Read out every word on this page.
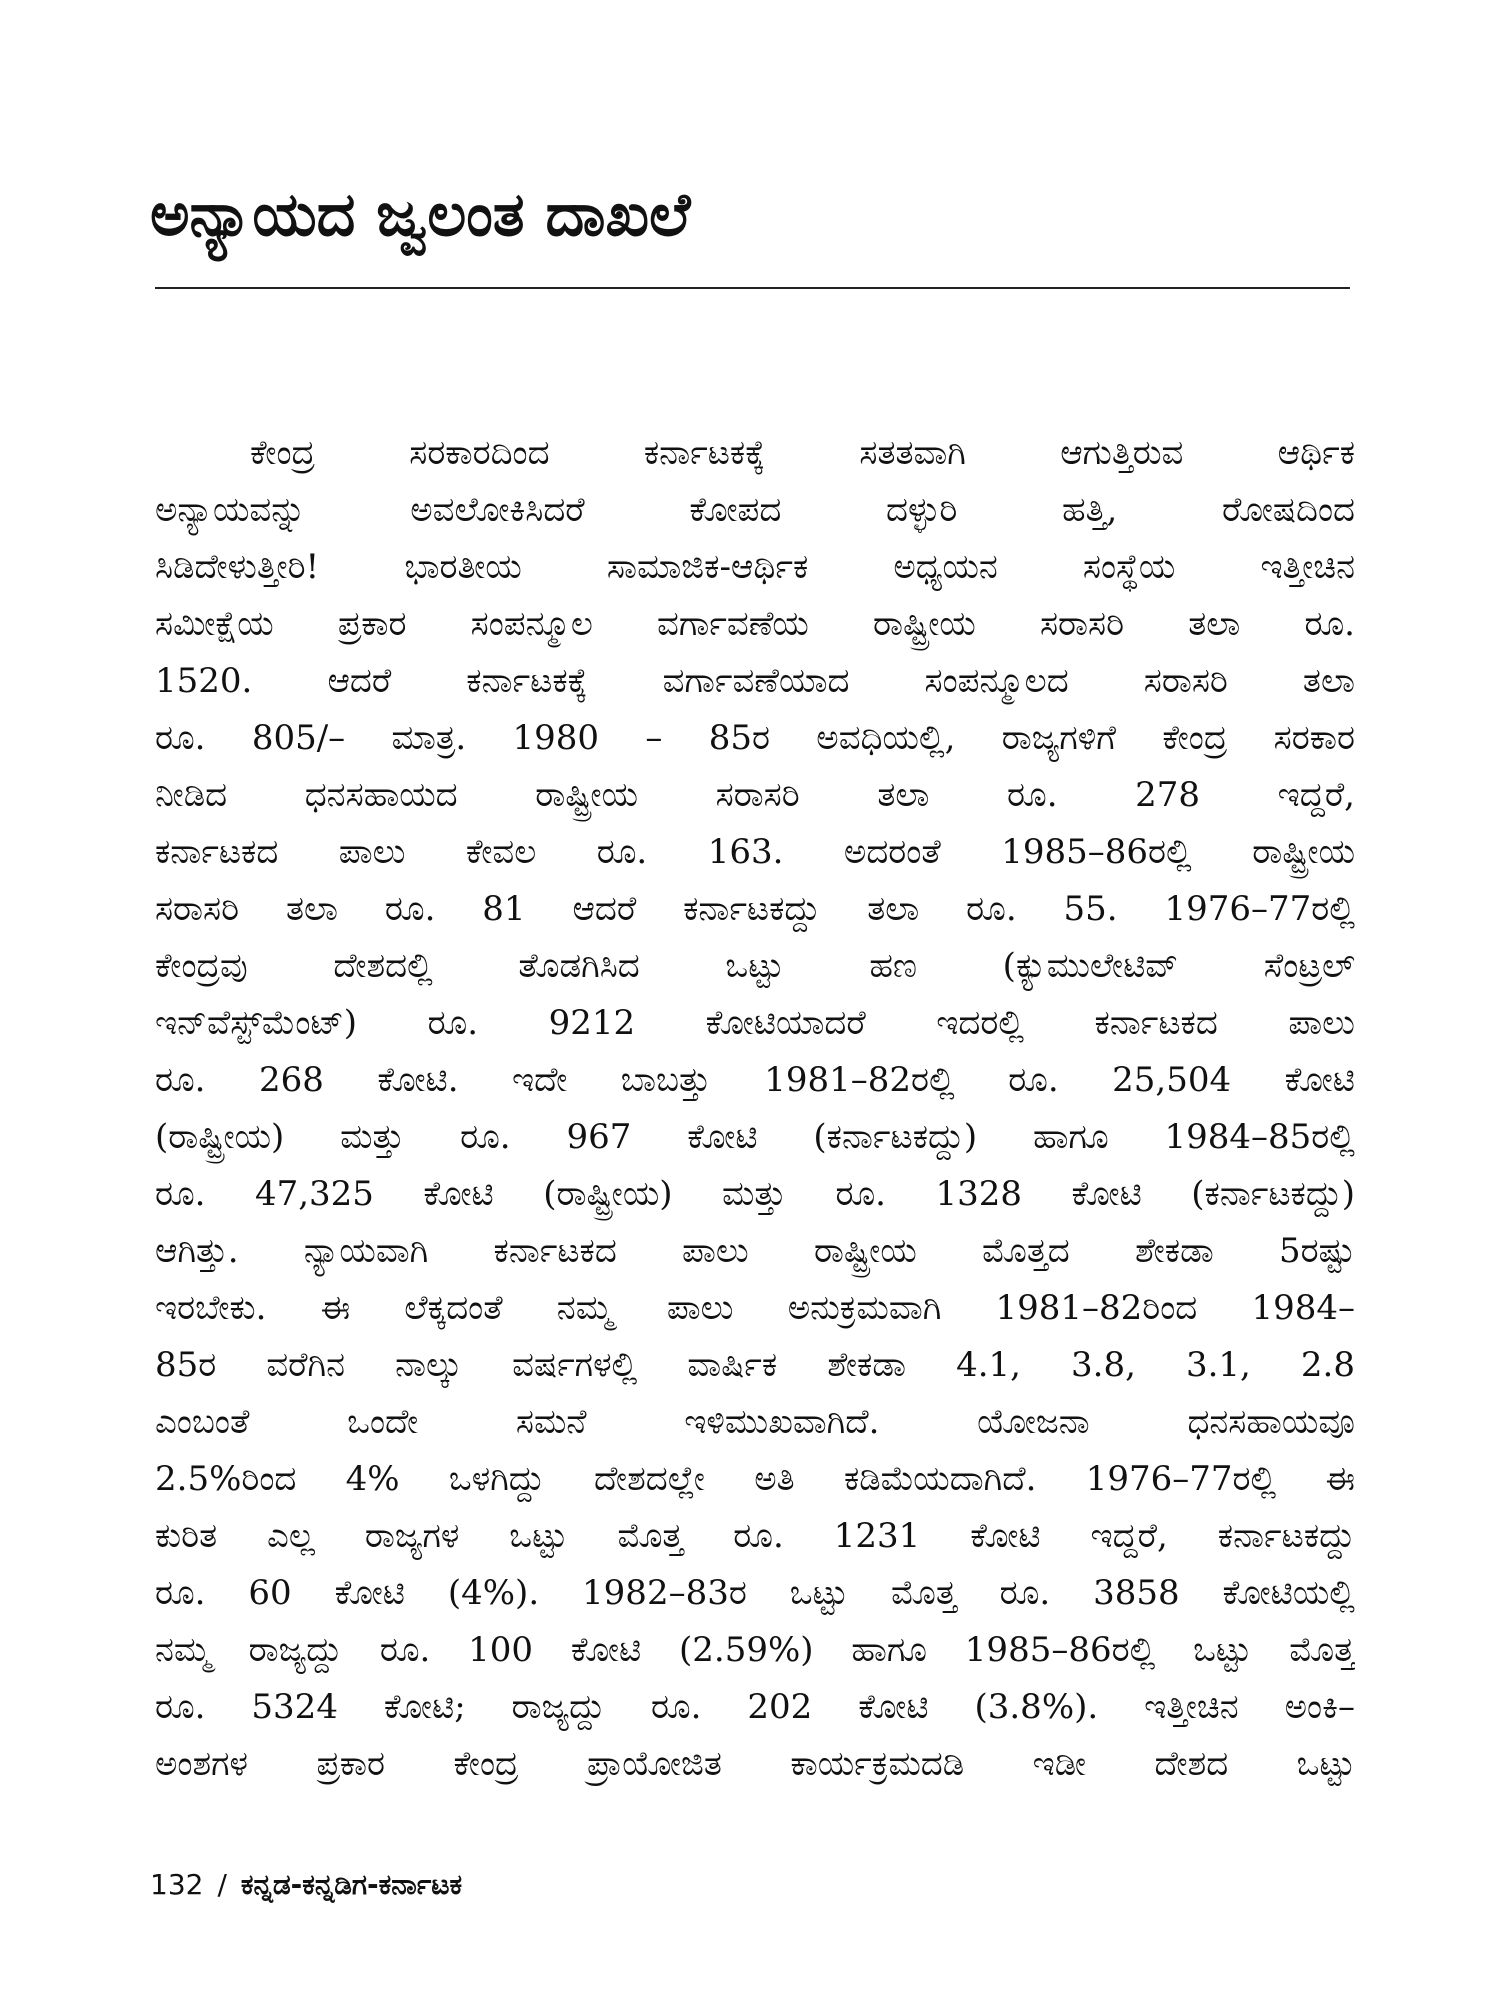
ಅನ್ಯಾಯದ ಜ್ವಲಂತ ದಾಖಲೆ
ಕೇಂದ್ರ ಸರಕಾರದಿಂದ ಕರ್ನಾಟಕಕ್ಕೆ ಸತತವಾಗಿ ಆಗುತ್ತಿರುವ ಆರ್ಥಿಕ
ಅನ್ಯಾಯವನ್ನು ಅವಲೋಕಿಸಿದರೆ ಕೋಪದ ದಳ್ಳುರಿ ಹತ್ತಿ, ರೋಷದಿಂದ
ಸಿಡಿದೇಳುತ್ತೀರಿ! ಭಾರತೀಯ ಸಾಮಾಜಿಕ-ಆರ್ಥಿಕ ಅಧ್ಯಯನ ಸಂಸ್ಥೆಯ ಇತ್ತೀಚಿನ
ಸಮೀಕ್ಷೆಯ ಪ್ರಕಾರ ಸಂಪನ್ಮೂಲ ವರ್ಗಾವಣೆಯ ರಾಷ್ಟ್ರೀಯ ಸರಾಸರಿ ತಲಾ ರೂ.
1520. ಆದರೆ ಕರ್ನಾಟಕಕ್ಕೆ ವರ್ಗಾವಣೆಯಾದ ಸಂಪನ್ಮೂಲದ ಸರಾಸರಿ ತಲಾ
ರೂ. 805/– ಮಾತ್ರ. 1980 – 85ರ ಅವಧಿಯಲ್ಲಿ, ರಾಜ್ಯಗಳಿಗೆ ಕೇಂದ್ರ ಸರಕಾರ
ನೀಡಿದ ಧನಸಹಾಯದ ರಾಷ್ಟ್ರೀಯ ಸರಾಸರಿ ತಲಾ ರೂ. 278 ಇದ್ದರೆ,
ಕರ್ನಾಟಕದ ಪಾಲು ಕೇವಲ ರೂ. 163. ಅದರಂತೆ 1985–86ರಲ್ಲಿ ರಾಷ್ಟ್ರೀಯ
ಸರಾಸರಿ ತಲಾ ರೂ. 81 ಆದರೆ ಕರ್ನಾಟಕದ್ದು ತಲಾ ರೂ. 55. 1976–77ರಲ್ಲಿ
ಕೇಂದ್ರವು ದೇಶದಲ್ಲಿ ತೊಡಗಿಸಿದ ಒಟ್ಟು ಹಣ (ಕ್ಯುಮುಲೇಟಿವ್ ಸೆಂಟ್ರಲ್
ಇನ್‌ವೆಸ್ಟ್‌ಮೆಂಟ್) ರೂ. 9212 ಕೋಟಿಯಾದರೆ ಇದರಲ್ಲಿ ಕರ್ನಾಟಕದ ಪಾಲು
ರೂ. 268 ಕೋಟಿ. ಇದೇ ಬಾಬತ್ತು 1981–82ರಲ್ಲಿ ರೂ. 25,504 ಕೋಟಿ
(ರಾಷ್ಟ್ರೀಯ) ಮತ್ತು ರೂ. 967 ಕೋಟಿ (ಕರ್ನಾಟಕದ್ದು) ಹಾಗೂ 1984–85ರಲ್ಲಿ
ರೂ. 47,325 ಕೋಟಿ (ರಾಷ್ಟ್ರೀಯ) ಮತ್ತು ರೂ. 1328 ಕೋಟಿ (ಕರ್ನಾಟಕದ್ದು)
ಆಗಿತ್ತು. ನ್ಯಾಯವಾಗಿ ಕರ್ನಾಟಕದ ಪಾಲು ರಾಷ್ಟ್ರೀಯ ಮೊತ್ತದ ಶೇಕಡಾ 5ರಷ್ಟು
ಇರಬೇಕು. ಈ ಲೆಕ್ಕದಂತೆ ನಮ್ಮ ಪಾಲು ಅನುಕ್ರಮವಾಗಿ 1981–82ರಿಂದ 1984–
85ರ ವರೆಗಿನ ನಾಲ್ಕು ವರ್ಷಗಳಲ್ಲಿ ವಾರ್ಷಿಕ ಶೇಕಡಾ 4.1, 3.8, 3.1, 2.8
ಎಂಬಂತೆ ಒಂದೇ ಸಮನೆ ಇಳಿಮುಖವಾಗಿದೆ. ಯೋಜನಾ ಧನಸಹಾಯವೂ
2.5%ರಿಂದ 4% ಒಳಗಿದ್ದು ದೇಶದಲ್ಲೇ ಅತಿ ಕಡಿಮೆಯದಾಗಿದೆ. 1976–77ರಲ್ಲಿ ಈ
ಕುರಿತ ಎಲ್ಲ ರಾಜ್ಯಗಳ ಒಟ್ಟು ಮೊತ್ತ ರೂ. 1231 ಕೋಟಿ ಇದ್ದರೆ, ಕರ್ನಾಟಕದ್ದು
ರೂ. 60 ಕೋಟಿ (4%). 1982–83ರ ಒಟ್ಟು ಮೊತ್ತ ರೂ. 3858 ಕೋಟಿಯಲ್ಲಿ
ನಮ್ಮ ರಾಜ್ಯದ್ದು ರೂ. 100 ಕೋಟಿ (2.59%) ಹಾಗೂ 1985–86ರಲ್ಲಿ ಒಟ್ಟು ಮೊತ್ತ
ರೂ. 5324 ಕೋಟಿ; ರಾಜ್ಯದ್ದು ರೂ. 202 ಕೋಟಿ (3.8%). ಇತ್ತೀಚಿನ ಅಂಕಿ–
ಅಂಶಗಳ ಪ್ರಕಾರ ಕೇಂದ್ರ ಪ್ರಾಯೋಜಿತ ಕಾರ್ಯಕ್ರಮದಡಿ ಇಡೀ ದೇಶದ ಒಟ್ಟು
132 / ಕನ್ನಡ-ಕನ್ನಡಿಗ-ಕರ್ನಾಟಕ
